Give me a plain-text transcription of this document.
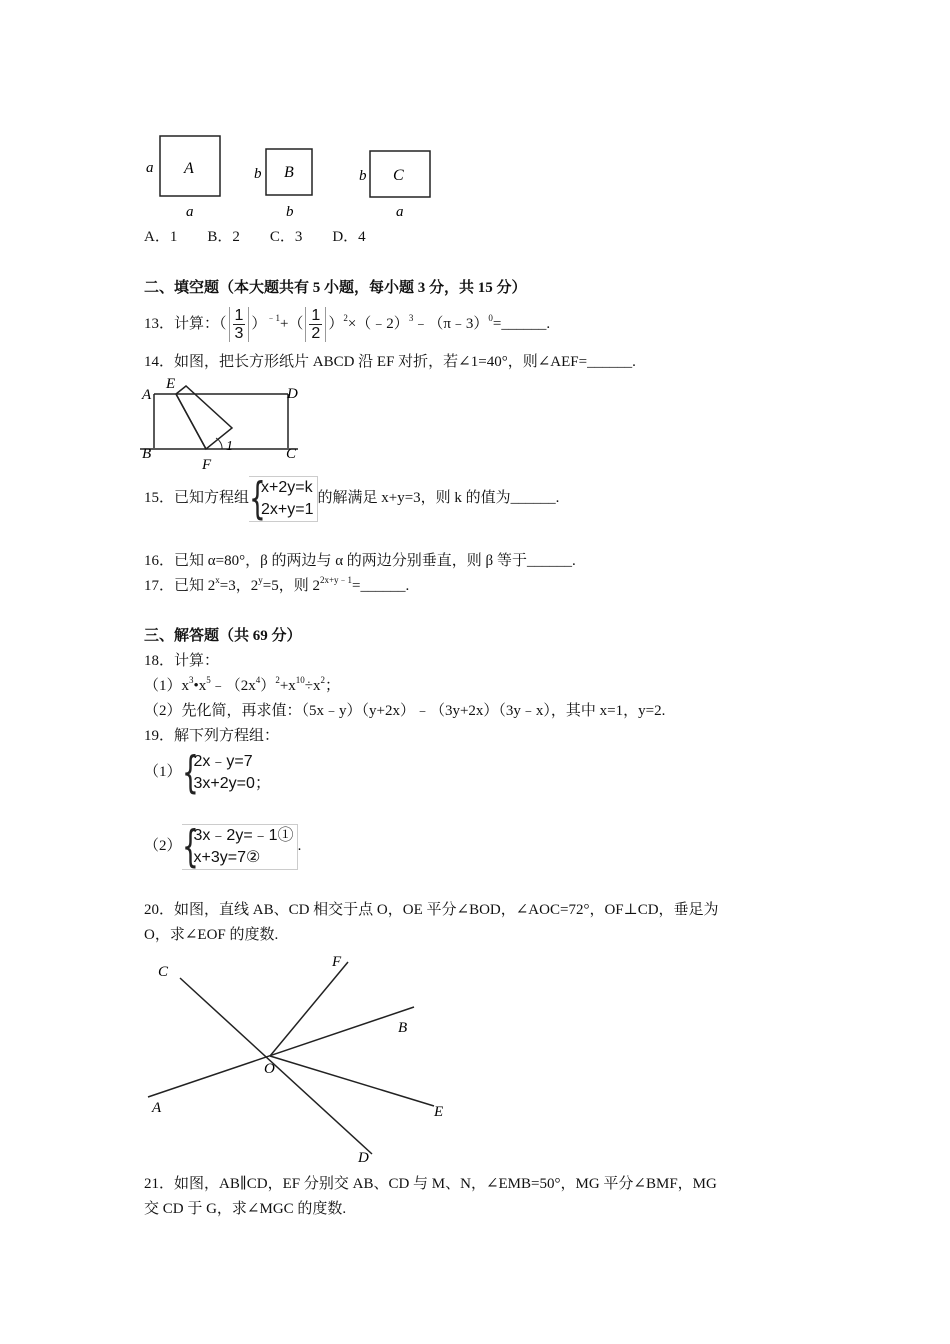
A
a
a
B
b
b
C
b
a
A．1　　B．2　　C．3　　D．4
二、填空题（本大题共有 5 小题，每小题 3 分，共 15 分）
13．计算：（ $\frac{1}{3} )^{﹣1}+( \frac{1}{2}$ ）$^2\times(﹣2)^3﹣(\pi﹣3)^0=\_\_\_\_\_\_$.
14．如图，把长方形纸片 ABCD 沿 EF 对折，若∠1=40°，则∠AEF=______.
A
E
D
B
F
C
1
15．已知方程组 {
x+2y=k
2x+y=1
的解满足 x+y=3，则 k 的值为______.
16．已知 α=80°，β 的两边与 α 的两边分别垂直，则 β 等于______.
17．已知 $2^x=3$，$2^y=5$，则 $2^{2x+y﹣1}=\_\_\_\_\_\_$.
三、解答题（共 69 分）
18．计算：
$(1)x^3•x^5﹣(2x^4)^2+x^{10}\div x^2$；
（2）先化简，再求值：（5x﹣y）（y+2x）﹣（3y+2x）（3y﹣x），其中 x=1，y=2.
19．解下列方程组：
（1） {
2x﹣y=7
3x+2y=0；
（2） {
3x﹣2y=﹣1①
x+3y=7②
.
20．如图，直线 AB、CD 相交于点 O，OE 平分∠BOD，∠AOC=72°，OF⊥CD，垂足为
O，求∠EOF 的度数.
C
F
B
O
A	E
D
21．如图，AB∥CD，EF 分别交 AB、CD 与 M、N，∠EMB=50°，MG 平分∠BMF，MG
交 CD 于 G，求∠MGC 的度数.
